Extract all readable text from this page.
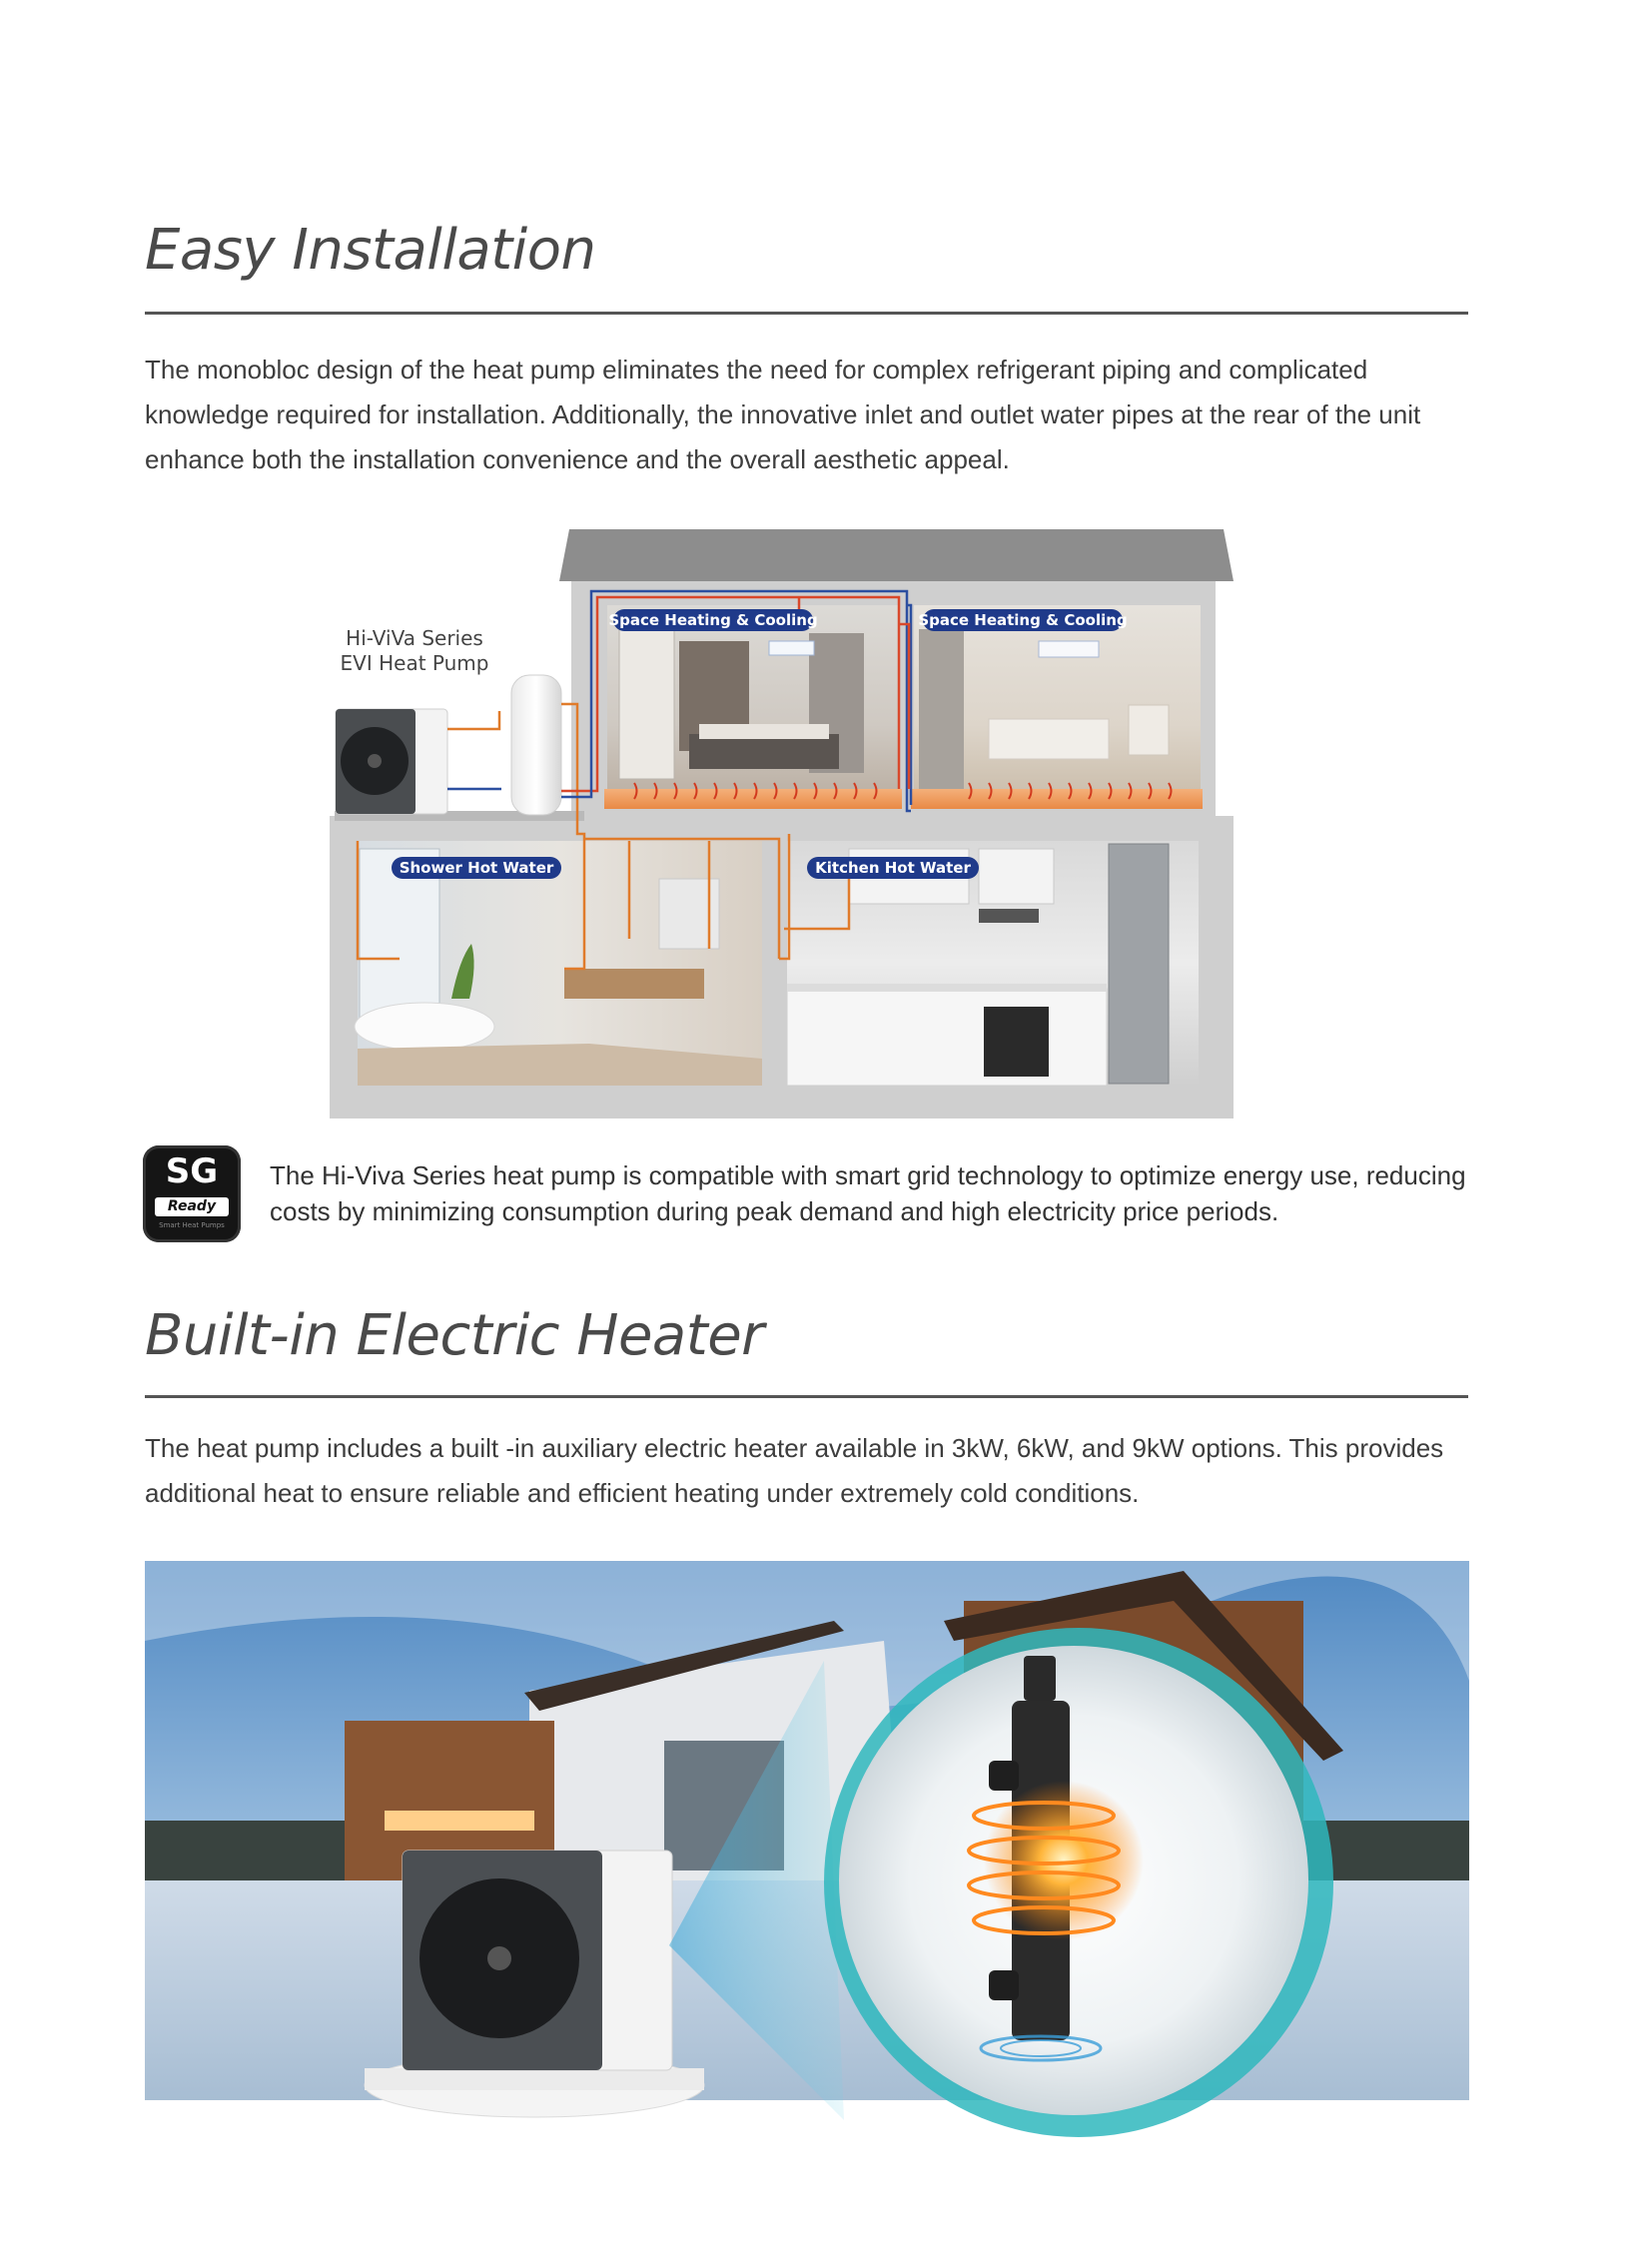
Easy Installation

The monobloc design of the heat pump eliminates the need for complex refrigerant piping and complicated knowledge required for installation. Additionally, the innovative inlet and outlet water pipes at the rear of the unit enhance both the installation convenience and the overall aesthetic appeal.

Hi-ViVa Series
EVI Heat Pump
Space Heating & Cooling	Space Heating & Cooling
Shower Hot Water	Kitchen Hot Water
SG
Ready
Smart Heat Pumps

The Hi-Viva Series heat pump is compatible with smart grid technology to optimize energy use, reducing costs by minimizing consumption during peak demand and high electricity price periods.

Built-in Electric Heater

The heat pump includes a built -in auxiliary electric heater available in 3kW, 6kW, and 9kW options. This provides additional heat to ensure reliable and efficient heating under extremely cold conditions.
